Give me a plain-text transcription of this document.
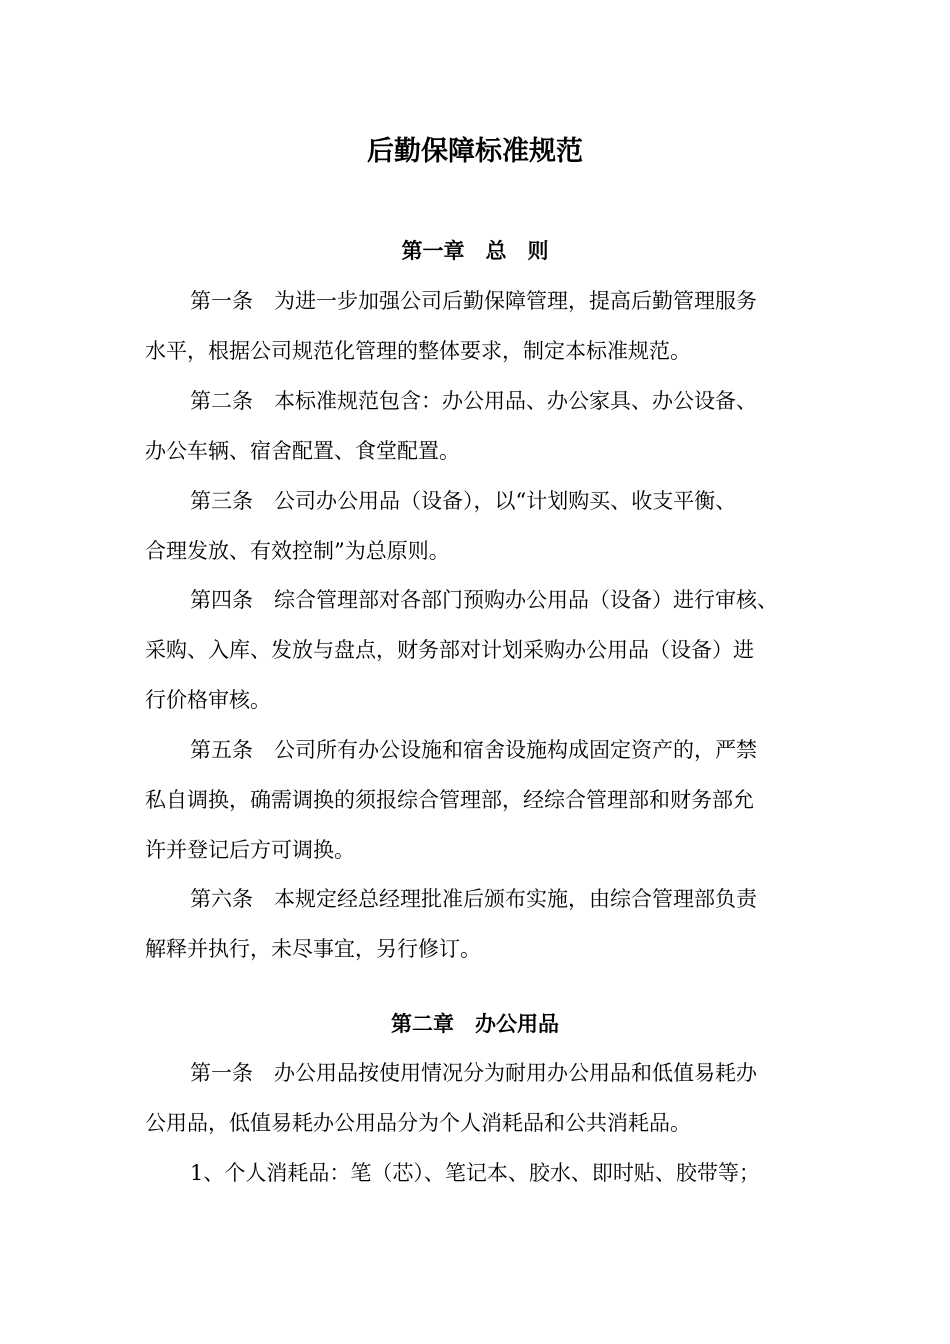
后勤保障标准规范
第一章　总　则

第一条　为进一步加强公司后勤保障管理，提高后勤管理服务

水平，根据公司规范化管理的整体要求，制定本标准规范。

第二条　本标准规范包含：办公用品、办公家具、办公设备、

办公车辆、宿舍配置、食堂配置。

第三条　公司办公用品（设备），以“计划购买、收支平衡、

合理发放、有效控制”为总原则。

第四条　综合管理部对各部门预购办公用品（设备）进行审核、

采购、入库、发放与盘点，财务部对计划采购办公用品（设备）进

行价格审核。

第五条　公司所有办公设施和宿舍设施构成固定资产的，严禁

私自调换，确需调换的须报综合管理部，经综合管理部和财务部允

许并登记后方可调换。

第六条　本规定经总经理批准后颁布实施，由综合管理部负责

解释并执行，未尽事宜，另行修订。

第二章　办公用品

第一条　办公用品按使用情况分为耐用办公用品和低值易耗办

公用品，低值易耗办公用品分为个人消耗品和公共消耗品。

1、个人消耗品：笔（芯）、笔记本、胶水、即时贴、胶带等；
